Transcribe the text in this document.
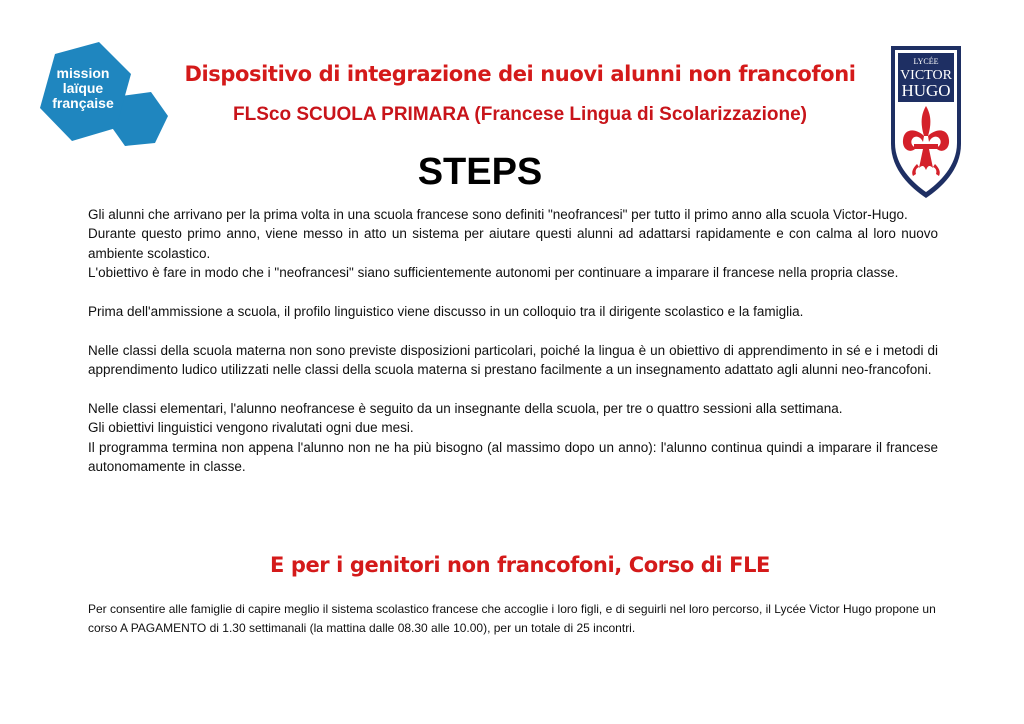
mission
laïque
française
LYCÉE
VICTOR
HUGO
Dispositivo di integrazione dei nuovi alunni non francofoni
FLSco SCUOLA PRIMARA (Francese Lingua di Scolarizzazione)
STEPS

Gli alunni che arrivano per la prima volta in una scuola francese sono definiti "neofrancesi" per tutto il primo anno alla scuola Victor-Hugo.

Durante questo primo anno, viene messo in atto un sistema per aiutare questi alunni ad adattarsi rapidamente e con calma al loro nuovo ambiente scolastico.

L'obiettivo è fare in modo che i "neofrancesi" siano sufficientemente autonomi per continuare a imparare il francese nella propria classe.

Prima dell'ammissione a scuola, il profilo linguistico viene discusso in un colloquio tra il dirigente scolastico e la famiglia.

Nelle classi della scuola materna non sono previste disposizioni particolari, poiché la lingua è un obiettivo di apprendimento in sé e i metodi di apprendimento ludico utilizzati nelle classi della scuola materna si prestano facilmente a un insegnamento adattato agli alunni neo-francofoni.

Nelle classi elementari, l'alunno neofrancese è seguito da un insegnante della scuola, per tre o quattro sessioni alla settimana.

Gli obiettivi linguistici vengono rivalutati ogni due mesi.

Il programma termina non appena l'alunno non ne ha più bisogno (al massimo dopo un anno): l'alunno continua quindi a imparare il francese autonomamente in classe.

E per i genitori non francofoni, Corso di FLE
Per consentire alle famiglie di capire meglio il sistema scolastico francese che accoglie i loro figli, e di seguirli nel loro percorso, il Lycée Victor Hugo propone un corso A PAGAMENTO di 1.30 settimanali (la mattina dalle 08.30 alle 10.00), per un totale di 25 incontri.
